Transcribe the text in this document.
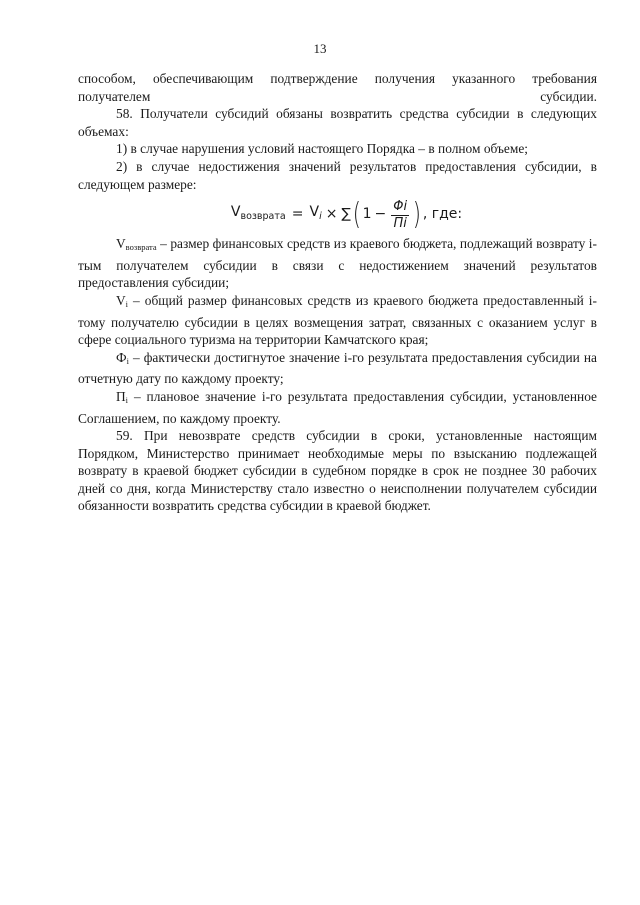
13

способом, обеспечивающим подтверждение получения указанного требования получателем субсидии.

58. Получатели субсидий обязаны возвратить средства субсидии в следующих объемах:

1) в случае нарушения условий настоящего Порядка – в полном объеме;

2) в случае недостижения значений результатов предоставления субсидии, в следующем размере:

$V_{возврата} = V_i$ × ∑ ( $1 - \frac{\Phi i}{\Pi i}$ ) , где:

Vвозврата – размер финансовых средств из краевого бюджета, подлежащий возврату i-тым получателем субсидии в связи с недостижением значений результатов предоставления субсидии;

Vi – общий размер финансовых средств из краевого бюджета предоставленный i-тому получателю субсидии в целях возмещения затрат, связанных с оказанием услуг в сфере социального туризма на территории Камчатского края;

Фi – фактически достигнутое значение i-го результата предоставления субсидии на отчетную дату по каждому проекту;

Пi – плановое значение i-го результата предоставления субсидии, установленное Соглашением, по каждому проекту.

59. При невозврате средств субсидии в сроки, установленные настоящим Порядком, Министерство принимает необходимые меры по взысканию подлежащей возврату в краевой бюджет субсидии в судебном порядке в срок не позднее 30 рабочих дней со дня, когда Министерству стало известно о неисполнении получателем субсидии обязанности возвратить средства субсидии в краевой бюджет.
